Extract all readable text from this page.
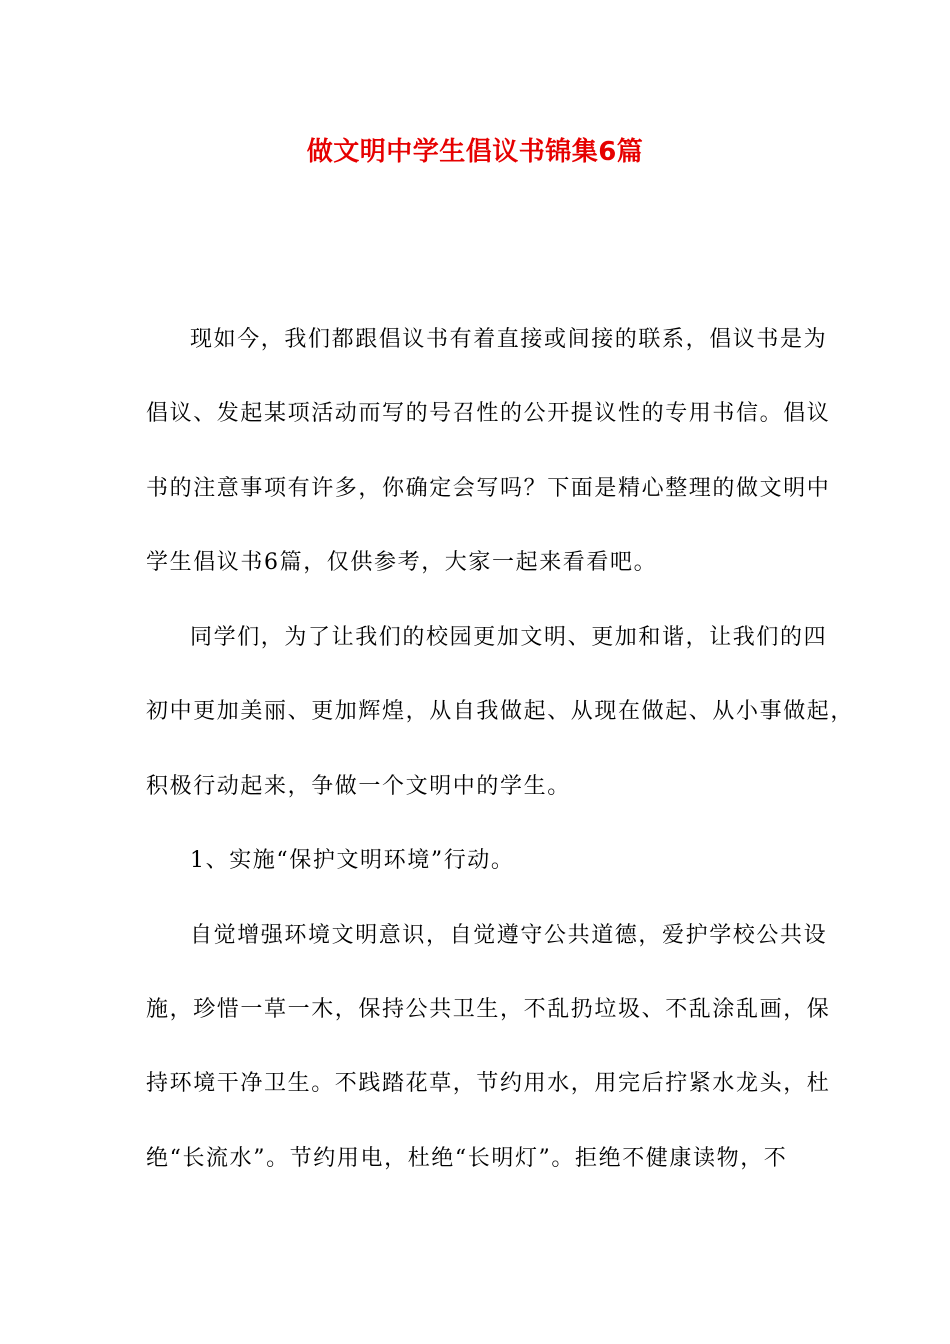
做文明中学生倡议书锦集6篇
现如今，我们都跟倡议书有着直接或间接的联系，倡议书是为
倡议、发起某项活动而写的号召性的公开提议性的专用书信。倡议
书的注意事项有许多，你确定会写吗？下面是精心整理的做文明中
学生倡议书6篇，仅供参考，大家一起来看看吧。
同学们，为了让我们的校园更加文明、更加和谐，让我们的四
初中更加美丽、更加辉煌，从自我做起、从现在做起、从小事做起，
积极行动起来，争做一个文明中的学生。
1、实施“保护文明环境”行动。
自觉增强环境文明意识，自觉遵守公共道德，爱护学校公共设
施，珍惜一草一木，保持公共卫生，不乱扔垃圾、不乱涂乱画，保
持环境干净卫生。不践踏花草，节约用水，用完后拧紧水龙头，杜
绝“长流水”。节约用电，杜绝“长明灯”。拒绝不健康读物，不
